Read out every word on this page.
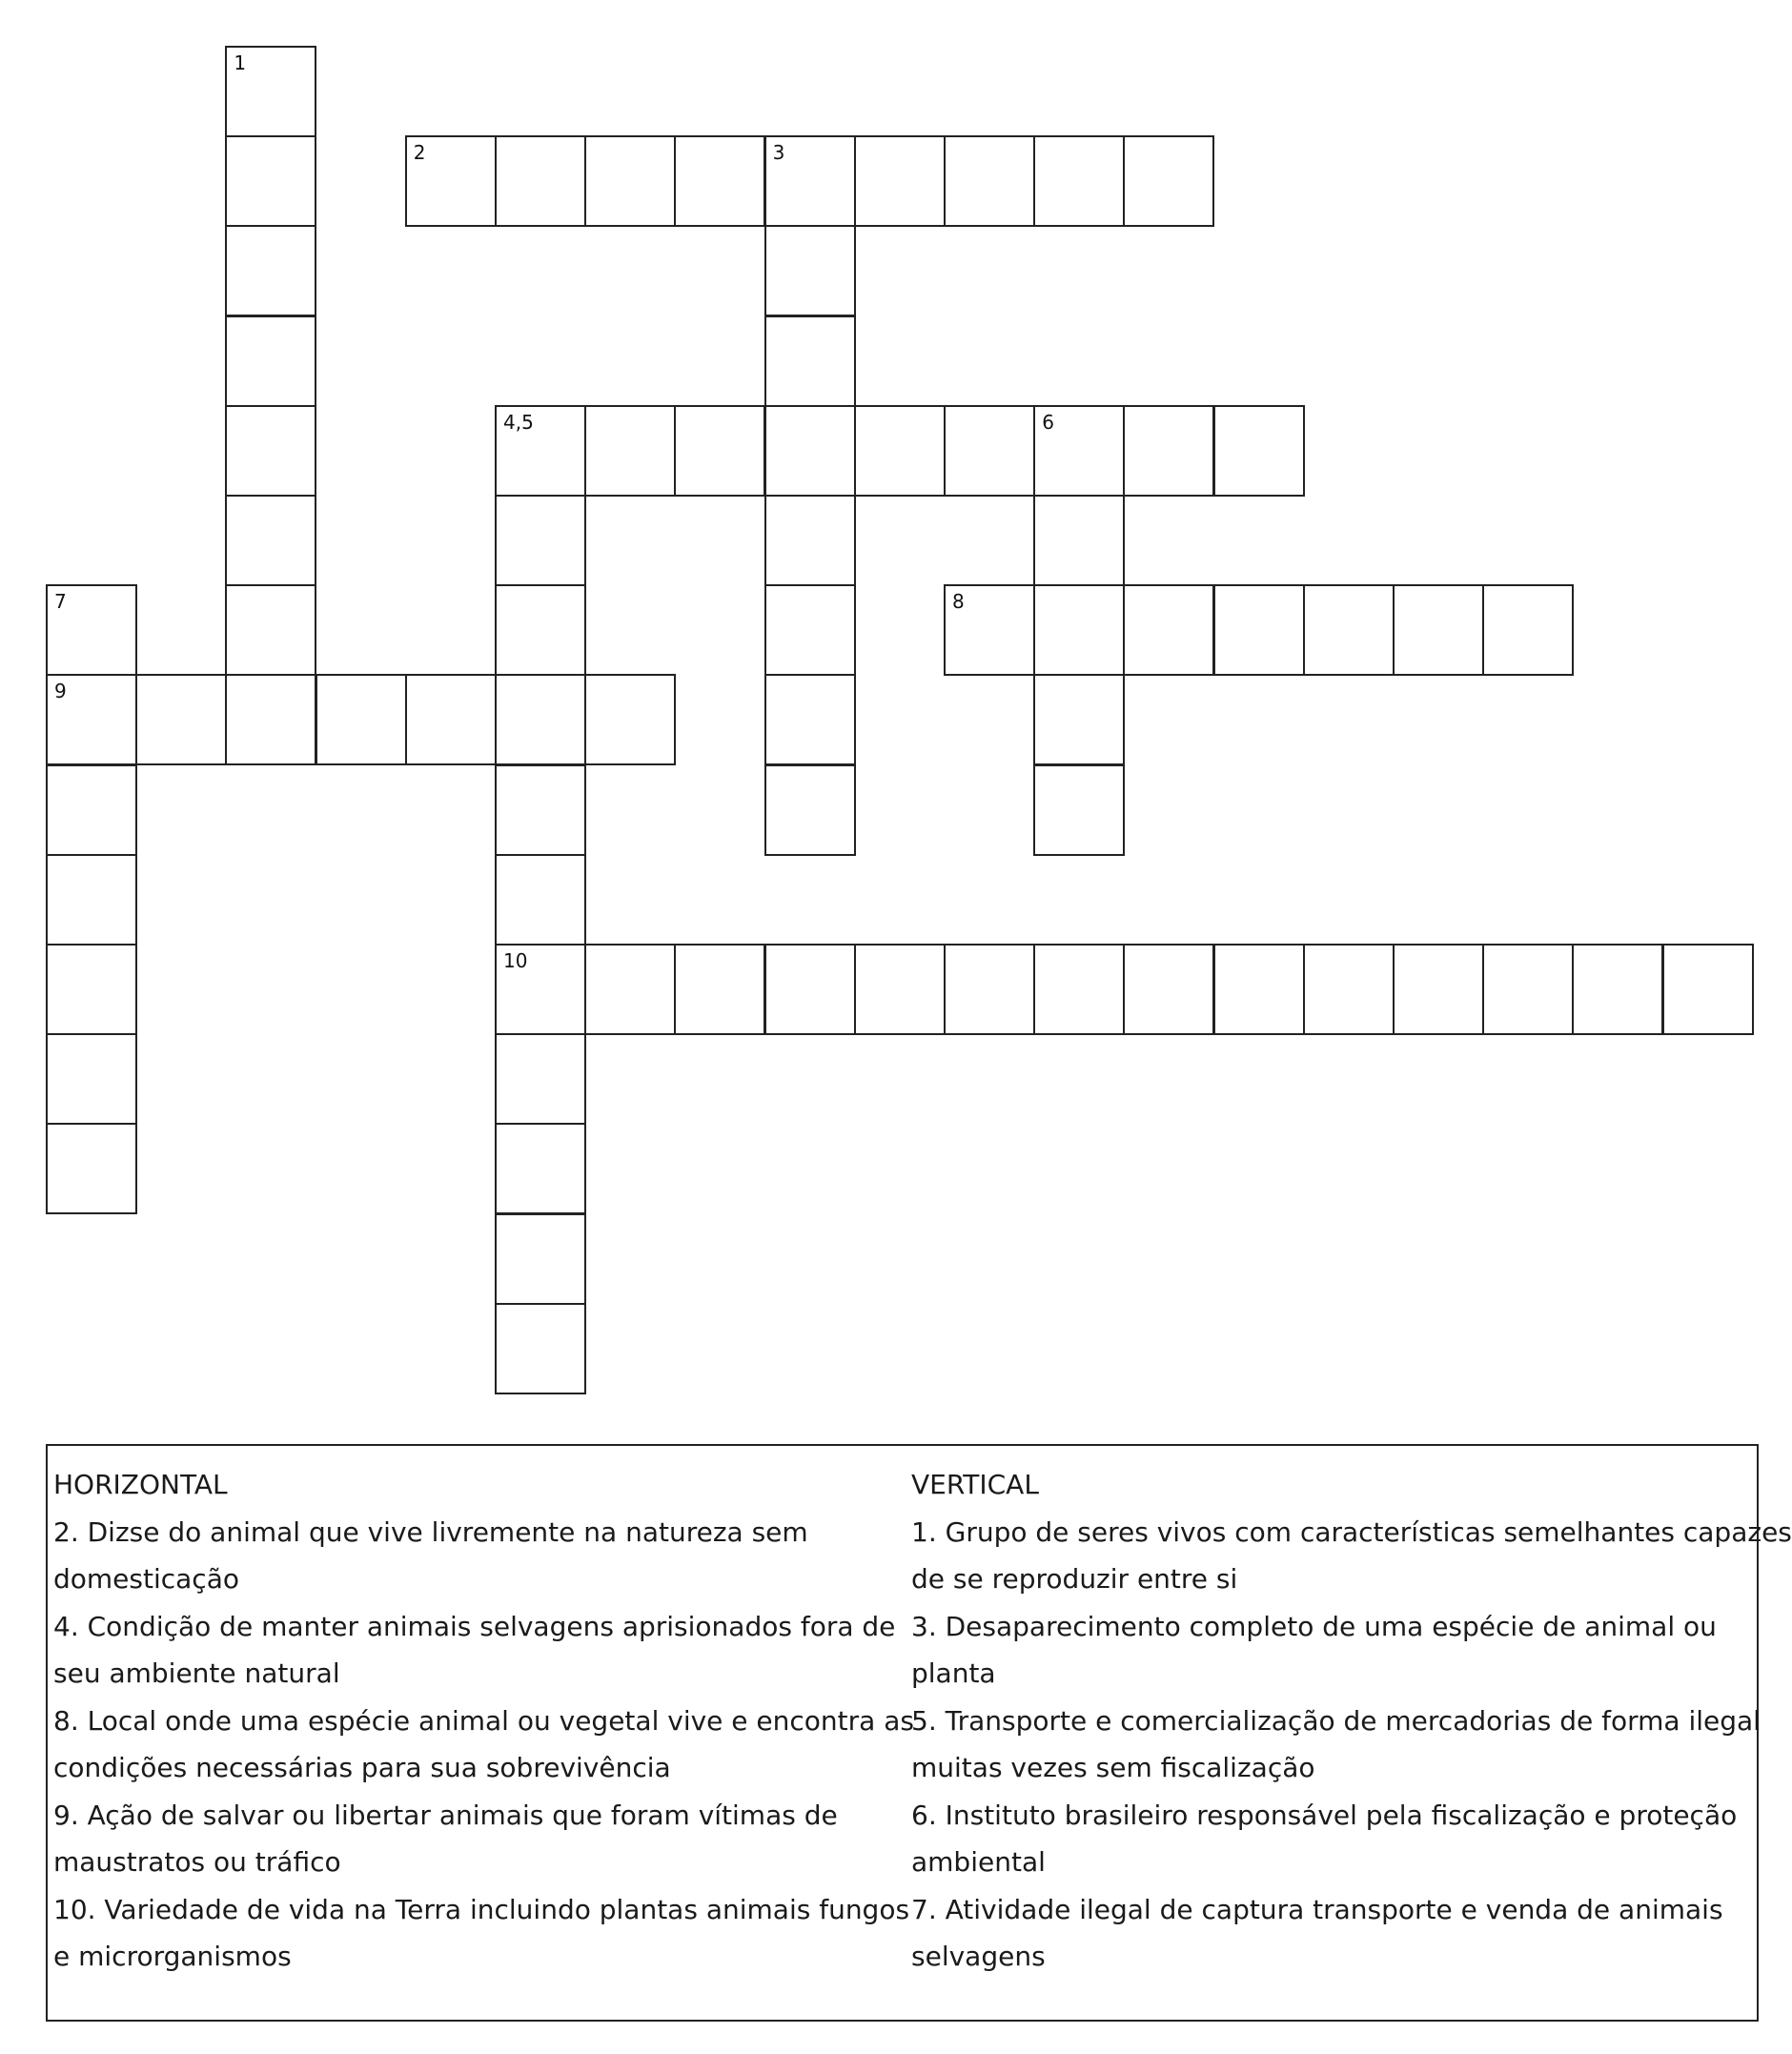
1
2	3
4,5	6
7	8
9
10
HORIZONTAL
2. Dizse do animal que vive livremente na natureza sem
domesticação
4. Condição de manter animais selvagens aprisionados fora de
seu ambiente natural
8. Local onde uma espécie animal ou vegetal vive e encontra as
condições necessárias para sua sobrevivência
9. Ação de salvar ou libertar animais que foram vítimas de
maustratos ou tráfico
10. Variedade de vida na Terra incluindo plantas animais fungos
e microrganismos
VERTICAL
1. Grupo de seres vivos com características semelhantes capazes
de se reproduzir entre si
3. Desaparecimento completo de uma espécie de animal ou
planta
5. Transporte e comercialização de mercadorias de forma ilegal
muitas vezes sem fiscalização
6. Instituto brasileiro responsável pela fiscalização e proteção
ambiental
7. Atividade ilegal de captura transporte e venda de animais
selvagens
